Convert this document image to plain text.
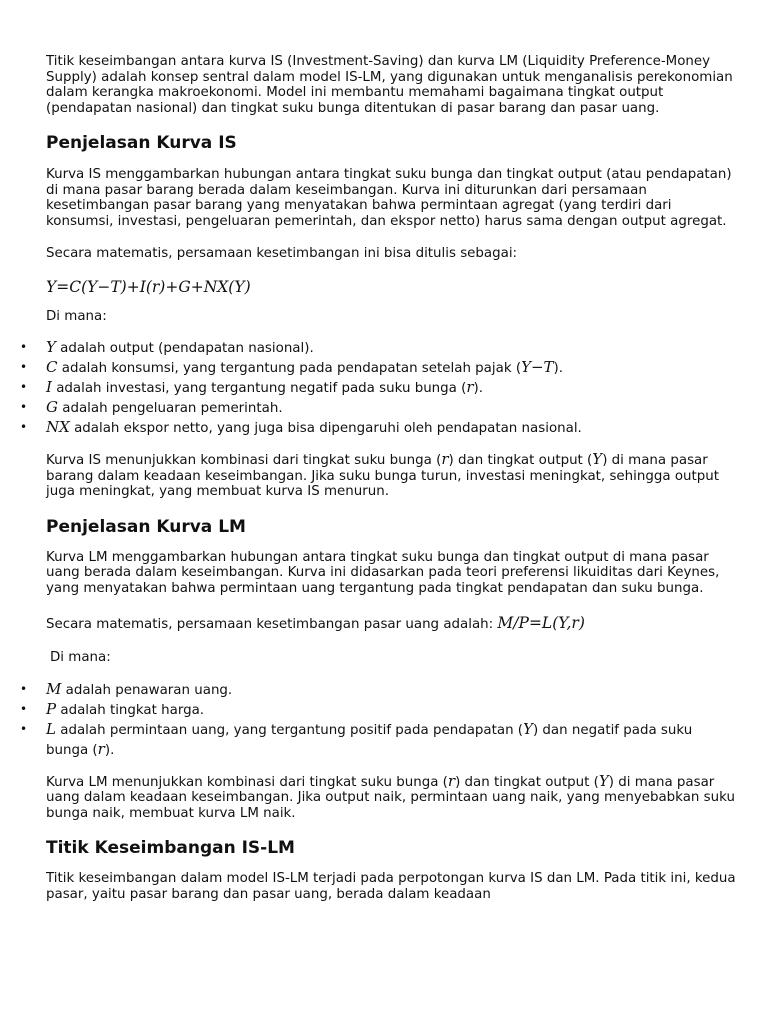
Titik keseimbangan antara kurva IS (Investment-Saving) dan kurva LM (Liquidity Preference-Money Supply) adalah konsep sentral dalam model IS-LM, yang digunakan untuk menganalisis perekonomian dalam kerangka makroekonomi. Model ini membantu memahami bagaimana tingkat output (pendapatan nasional) dan tingkat suku bunga ditentukan di pasar barang dan pasar uang.

Penjelasan Kurva IS

Kurva IS menggambarkan hubungan antara tingkat suku bunga dan tingkat output (atau pendapatan) di mana pasar barang berada dalam keseimbangan. Kurva ini diturunkan dari persamaan kesetimbangan pasar barang yang menyatakan bahwa permintaan agregat (yang terdiri dari konsumsi, investasi, pengeluaran pemerintah, dan ekspor netto) harus sama dengan output agregat.

Secara matematis, persamaan kesetimbangan ini bisa ditulis sebagai:

Y=C(Y−T)+I(r)+G+NX(Y)

Di mana:

• Y adalah output (pendapatan nasional).
• C adalah konsumsi, yang tergantung pada pendapatan setelah pajak (Y−T).
• I adalah investasi, yang tergantung negatif pada suku bunga (r).
• G adalah pengeluaran pemerintah.
• NX adalah ekspor netto, yang juga bisa dipengaruhi oleh pendapatan nasional.

Kurva IS menunjukkan kombinasi dari tingkat suku bunga (r) dan tingkat output (Y) di mana pasar barang dalam keadaan keseimbangan. Jika suku bunga turun, investasi meningkat, sehingga output juga meningkat, yang membuat kurva IS menurun.

Penjelasan Kurva LM

Kurva LM menggambarkan hubungan antara tingkat suku bunga dan tingkat output di mana pasar uang berada dalam keseimbangan. Kurva ini didasarkan pada teori preferensi likuiditas dari Keynes, yang menyatakan bahwa permintaan uang tergantung pada tingkat pendapatan dan suku bunga.

Secara matematis, persamaan kesetimbangan pasar uang adalah: M/P=L(Y,r)

Di mana:

• M adalah penawaran uang.
• P adalah tingkat harga.
• L adalah permintaan uang, yang tergantung positif pada pendapatan (Y) dan negatif pada suku bunga (r).

Kurva LM menunjukkan kombinasi dari tingkat suku bunga (r) dan tingkat output (Y) di mana pasar uang dalam keadaan keseimbangan. Jika output naik, permintaan uang naik, yang menyebabkan suku bunga naik, membuat kurva LM naik.

Titik Keseimbangan IS-LM

Titik keseimbangan dalam model IS-LM terjadi pada perpotongan kurva IS dan LM. Pada titik ini, kedua pasar, yaitu pasar barang dan pasar uang, berada dalam keadaan
